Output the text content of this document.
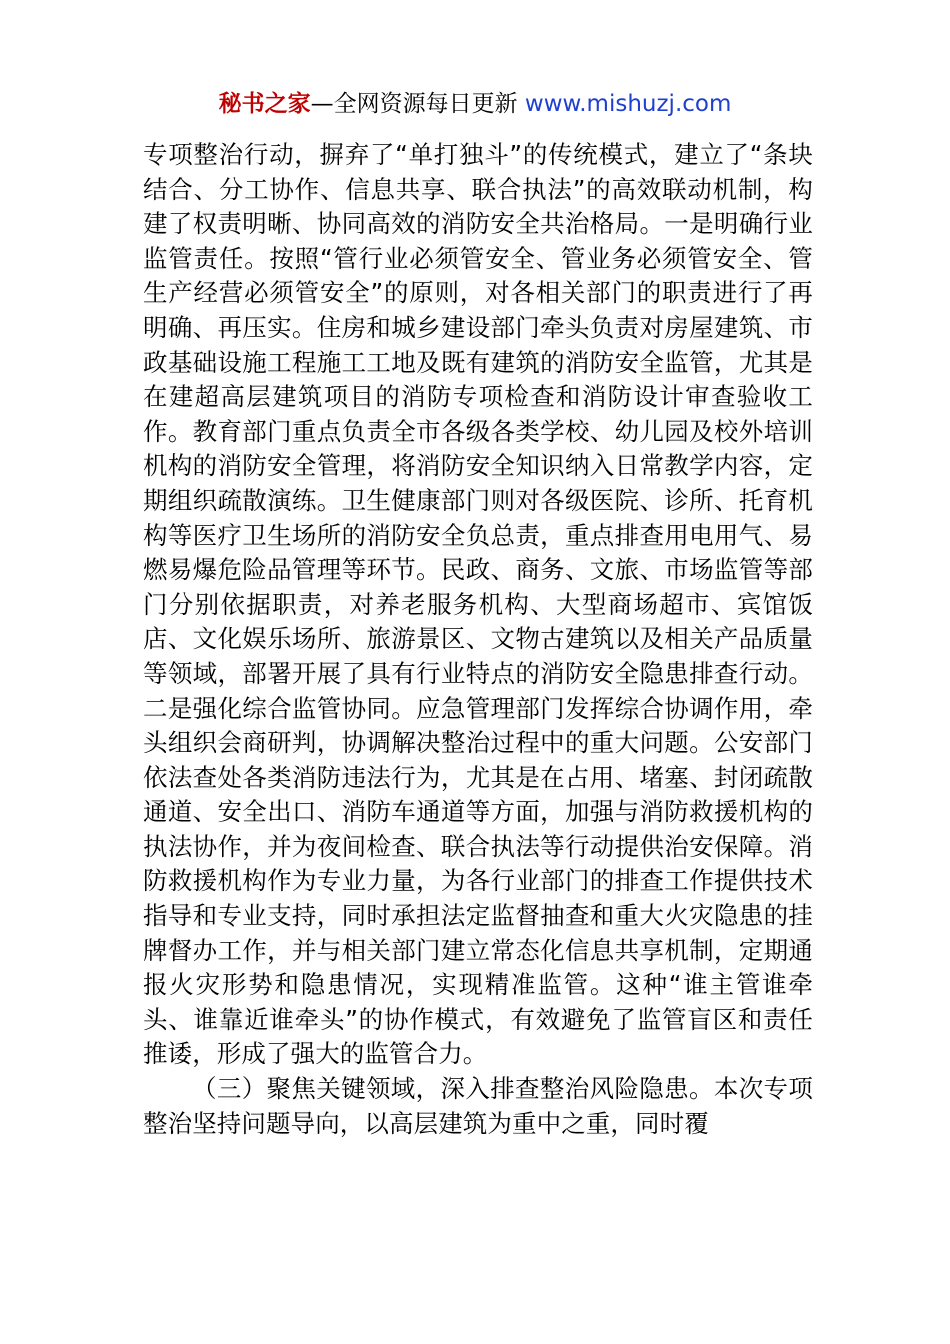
秘书之家—全网资源每日更新 www.mishuzj.com

专项整治行动，摒弃了“单打独斗”的传统模式，建立了“条块结合、分工协作、信息共享、联合执法”的高效联动机制，构建了权责明晰、协同高效的消防安全共治格局。一是明确行业监管责任。按照“管行业必须管安全、管业务必须管安全、管生产经营必须管安全”的原则，对各相关部门的职责进行了再明确、再压实。住房和城乡建设部门牵头负责对房屋建筑、市政基础设施工程施工工地及既有建筑的消防安全监管，尤其是在建超高层建筑项目的消防专项检查和消防设计审查验收工作。教育部门重点负责全市各级各类学校、幼儿园及校外培训机构的消防安全管理，将消防安全知识纳入日常教学内容，定期组织疏散演练。卫生健康部门则对各级医院、诊所、托育机构等医疗卫生场所的消防安全负总责，重点排查用电用气、易燃易爆危险品管理等环节。民政、商务、文旅、市场监管等部门分别依据职责，对养老服务机构、大型商场超市、宾馆饭店、文化娱乐场所、旅游景区、文物古建筑以及相关产品质量等领域，部署开展了具有行业特点的消防安全隐患排查行动。二是强化综合监管协同。应急管理部门发挥综合协调作用，牵头组织会商研判，协调解决整治过程中的重大问题。公安部门依法查处各类消防违法行为，尤其是在占用、堵塞、封闭疏散通道、安全出口、消防车通道等方面，加强与消防救援机构的执法协作，并为夜间检查、联合执法等行动提供治安保障。消防救援机构作为专业力量，为各行业部门的排查工作提供技术指导和专业支持，同时承担法定监督抽查和重大火灾隐患的挂牌督办工作，并与相关部门建立常态化信息共享机制，定期通报火灾形势和隐患情况，实现精准监管。这种“谁主管谁牵头、谁靠近谁牵头”的协作模式，有效避免了监管盲区和责任推诿，形成了强大的监管合力。

（三）聚焦关键领域，深入排查整治风险隐患。本次专项整治坚持问题导向，以高层建筑为重中之重，同时覆
